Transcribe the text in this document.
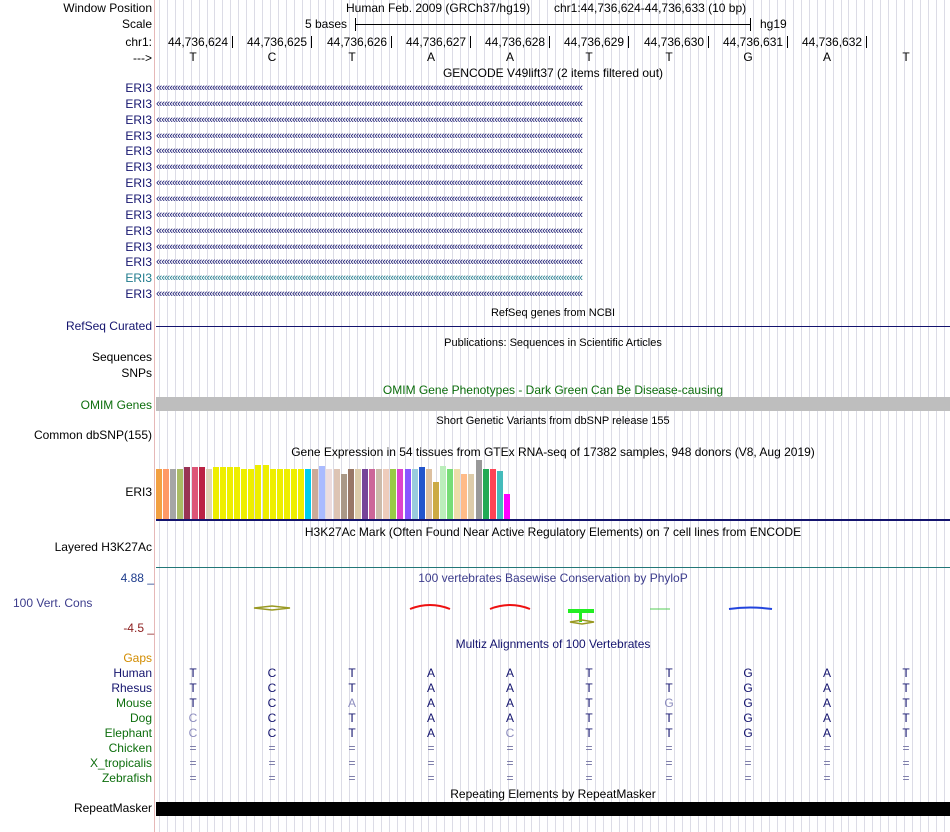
Window Position
Scale
chr1:
--->
Human Feb. 2009 (GRCh37/hg19) chr1:44,736,624-44,736,633 (10 bp)
5 bases	hg19
44,736,624 44,736,625 44,736,626 44,736,627 44,736,628 44,736,629 44,736,630 44,736,631 44,736,632
T	C	T	A	A	T	T	G	A	T
GENCODE V49lift37 (2 items filtered out)
ERI3 ‹‹‹‹‹‹‹‹‹‹‹‹‹‹‹‹‹‹‹‹‹‹‹‹‹‹‹‹‹‹‹‹‹‹‹‹‹‹‹‹‹‹‹‹‹‹‹‹‹‹‹‹‹‹‹‹‹‹‹‹‹‹‹‹‹‹‹‹‹‹‹‹‹‹‹‹‹‹‹‹‹‹‹‹‹‹‹‹‹‹‹‹‹‹‹‹‹‹‹‹‹‹‹‹‹‹‹‹‹‹‹‹‹‹‹‹‹‹‹‹‹‹‹‹‹‹‹‹‹‹‹‹‹‹‹‹‹‹‹‹‹‹‹‹‹‹‹‹‹‹‹‹‹‹‹‹‹‹‹‹
ERI3 ‹‹‹‹‹‹‹‹‹‹‹‹‹‹‹‹‹‹‹‹‹‹‹‹‹‹‹‹‹‹‹‹‹‹‹‹‹‹‹‹‹‹‹‹‹‹‹‹‹‹‹‹‹‹‹‹‹‹‹‹‹‹‹‹‹‹‹‹‹‹‹‹‹‹‹‹‹‹‹‹‹‹‹‹‹‹‹‹‹‹‹‹‹‹‹‹‹‹‹‹‹‹‹‹‹‹‹‹‹‹‹‹‹‹‹‹‹‹‹‹‹‹‹‹‹‹‹‹‹‹‹‹‹‹‹‹‹‹‹‹‹‹‹‹‹‹‹‹‹‹‹‹‹‹‹‹‹‹‹‹
ERI3 ‹‹‹‹‹‹‹‹‹‹‹‹‹‹‹‹‹‹‹‹‹‹‹‹‹‹‹‹‹‹‹‹‹‹‹‹‹‹‹‹‹‹‹‹‹‹‹‹‹‹‹‹‹‹‹‹‹‹‹‹‹‹‹‹‹‹‹‹‹‹‹‹‹‹‹‹‹‹‹‹‹‹‹‹‹‹‹‹‹‹‹‹‹‹‹‹‹‹‹‹‹‹‹‹‹‹‹‹‹‹‹‹‹‹‹‹‹‹‹‹‹‹‹‹‹‹‹‹‹‹‹‹‹‹‹‹‹‹‹‹‹‹‹‹‹‹‹‹‹‹‹‹‹‹‹‹‹‹‹‹
ERI3 ‹‹‹‹‹‹‹‹‹‹‹‹‹‹‹‹‹‹‹‹‹‹‹‹‹‹‹‹‹‹‹‹‹‹‹‹‹‹‹‹‹‹‹‹‹‹‹‹‹‹‹‹‹‹‹‹‹‹‹‹‹‹‹‹‹‹‹‹‹‹‹‹‹‹‹‹‹‹‹‹‹‹‹‹‹‹‹‹‹‹‹‹‹‹‹‹‹‹‹‹‹‹‹‹‹‹‹‹‹‹‹‹‹‹‹‹‹‹‹‹‹‹‹‹‹‹‹‹‹‹‹‹‹‹‹‹‹‹‹‹‹‹‹‹‹‹‹‹‹‹‹‹‹‹‹‹‹‹‹‹
ERI3 ‹‹‹‹‹‹‹‹‹‹‹‹‹‹‹‹‹‹‹‹‹‹‹‹‹‹‹‹‹‹‹‹‹‹‹‹‹‹‹‹‹‹‹‹‹‹‹‹‹‹‹‹‹‹‹‹‹‹‹‹‹‹‹‹‹‹‹‹‹‹‹‹‹‹‹‹‹‹‹‹‹‹‹‹‹‹‹‹‹‹‹‹‹‹‹‹‹‹‹‹‹‹‹‹‹‹‹‹‹‹‹‹‹‹‹‹‹‹‹‹‹‹‹‹‹‹‹‹‹‹‹‹‹‹‹‹‹‹‹‹‹‹‹‹‹‹‹‹‹‹‹‹‹‹‹‹‹‹‹‹
ERI3 ‹‹‹‹‹‹‹‹‹‹‹‹‹‹‹‹‹‹‹‹‹‹‹‹‹‹‹‹‹‹‹‹‹‹‹‹‹‹‹‹‹‹‹‹‹‹‹‹‹‹‹‹‹‹‹‹‹‹‹‹‹‹‹‹‹‹‹‹‹‹‹‹‹‹‹‹‹‹‹‹‹‹‹‹‹‹‹‹‹‹‹‹‹‹‹‹‹‹‹‹‹‹‹‹‹‹‹‹‹‹‹‹‹‹‹‹‹‹‹‹‹‹‹‹‹‹‹‹‹‹‹‹‹‹‹‹‹‹‹‹‹‹‹‹‹‹‹‹‹‹‹‹‹‹‹‹‹‹‹‹
ERI3 ‹‹‹‹‹‹‹‹‹‹‹‹‹‹‹‹‹‹‹‹‹‹‹‹‹‹‹‹‹‹‹‹‹‹‹‹‹‹‹‹‹‹‹‹‹‹‹‹‹‹‹‹‹‹‹‹‹‹‹‹‹‹‹‹‹‹‹‹‹‹‹‹‹‹‹‹‹‹‹‹‹‹‹‹‹‹‹‹‹‹‹‹‹‹‹‹‹‹‹‹‹‹‹‹‹‹‹‹‹‹‹‹‹‹‹‹‹‹‹‹‹‹‹‹‹‹‹‹‹‹‹‹‹‹‹‹‹‹‹‹‹‹‹‹‹‹‹‹‹‹‹‹‹‹‹‹‹‹‹‹
ERI3 ‹‹‹‹‹‹‹‹‹‹‹‹‹‹‹‹‹‹‹‹‹‹‹‹‹‹‹‹‹‹‹‹‹‹‹‹‹‹‹‹‹‹‹‹‹‹‹‹‹‹‹‹‹‹‹‹‹‹‹‹‹‹‹‹‹‹‹‹‹‹‹‹‹‹‹‹‹‹‹‹‹‹‹‹‹‹‹‹‹‹‹‹‹‹‹‹‹‹‹‹‹‹‹‹‹‹‹‹‹‹‹‹‹‹‹‹‹‹‹‹‹‹‹‹‹‹‹‹‹‹‹‹‹‹‹‹‹‹‹‹‹‹‹‹‹‹‹‹‹‹‹‹‹‹‹‹‹‹‹‹
ERI3 ‹‹‹‹‹‹‹‹‹‹‹‹‹‹‹‹‹‹‹‹‹‹‹‹‹‹‹‹‹‹‹‹‹‹‹‹‹‹‹‹‹‹‹‹‹‹‹‹‹‹‹‹‹‹‹‹‹‹‹‹‹‹‹‹‹‹‹‹‹‹‹‹‹‹‹‹‹‹‹‹‹‹‹‹‹‹‹‹‹‹‹‹‹‹‹‹‹‹‹‹‹‹‹‹‹‹‹‹‹‹‹‹‹‹‹‹‹‹‹‹‹‹‹‹‹‹‹‹‹‹‹‹‹‹‹‹‹‹‹‹‹‹‹‹‹‹‹‹‹‹‹‹‹‹‹‹‹‹‹‹
ERI3 ‹‹‹‹‹‹‹‹‹‹‹‹‹‹‹‹‹‹‹‹‹‹‹‹‹‹‹‹‹‹‹‹‹‹‹‹‹‹‹‹‹‹‹‹‹‹‹‹‹‹‹‹‹‹‹‹‹‹‹‹‹‹‹‹‹‹‹‹‹‹‹‹‹‹‹‹‹‹‹‹‹‹‹‹‹‹‹‹‹‹‹‹‹‹‹‹‹‹‹‹‹‹‹‹‹‹‹‹‹‹‹‹‹‹‹‹‹‹‹‹‹‹‹‹‹‹‹‹‹‹‹‹‹‹‹‹‹‹‹‹‹‹‹‹‹‹‹‹‹‹‹‹‹‹‹‹‹‹‹‹
ERI3 ‹‹‹‹‹‹‹‹‹‹‹‹‹‹‹‹‹‹‹‹‹‹‹‹‹‹‹‹‹‹‹‹‹‹‹‹‹‹‹‹‹‹‹‹‹‹‹‹‹‹‹‹‹‹‹‹‹‹‹‹‹‹‹‹‹‹‹‹‹‹‹‹‹‹‹‹‹‹‹‹‹‹‹‹‹‹‹‹‹‹‹‹‹‹‹‹‹‹‹‹‹‹‹‹‹‹‹‹‹‹‹‹‹‹‹‹‹‹‹‹‹‹‹‹‹‹‹‹‹‹‹‹‹‹‹‹‹‹‹‹‹‹‹‹‹‹‹‹‹‹‹‹‹‹‹‹‹‹‹‹
ERI3 ‹‹‹‹‹‹‹‹‹‹‹‹‹‹‹‹‹‹‹‹‹‹‹‹‹‹‹‹‹‹‹‹‹‹‹‹‹‹‹‹‹‹‹‹‹‹‹‹‹‹‹‹‹‹‹‹‹‹‹‹‹‹‹‹‹‹‹‹‹‹‹‹‹‹‹‹‹‹‹‹‹‹‹‹‹‹‹‹‹‹‹‹‹‹‹‹‹‹‹‹‹‹‹‹‹‹‹‹‹‹‹‹‹‹‹‹‹‹‹‹‹‹‹‹‹‹‹‹‹‹‹‹‹‹‹‹‹‹‹‹‹‹‹‹‹‹‹‹‹‹‹‹‹‹‹‹‹‹‹‹
ERI3 ‹‹‹‹‹‹‹‹‹‹‹‹‹‹‹‹‹‹‹‹‹‹‹‹‹‹‹‹‹‹‹‹‹‹‹‹‹‹‹‹‹‹‹‹‹‹‹‹‹‹‹‹‹‹‹‹‹‹‹‹‹‹‹‹‹‹‹‹‹‹‹‹‹‹‹‹‹‹‹‹‹‹‹‹‹‹‹‹‹‹‹‹‹‹‹‹‹‹‹‹‹‹‹‹‹‹‹‹‹‹‹‹‹‹‹‹‹‹‹‹‹‹‹‹‹‹‹‹‹‹‹‹‹‹‹‹‹‹‹‹‹‹‹‹‹‹‹‹‹‹‹‹‹‹‹‹‹‹‹‹
ERI3 ‹‹‹‹‹‹‹‹‹‹‹‹‹‹‹‹‹‹‹‹‹‹‹‹‹‹‹‹‹‹‹‹‹‹‹‹‹‹‹‹‹‹‹‹‹‹‹‹‹‹‹‹‹‹‹‹‹‹‹‹‹‹‹‹‹‹‹‹‹‹‹‹‹‹‹‹‹‹‹‹‹‹‹‹‹‹‹‹‹‹‹‹‹‹‹‹‹‹‹‹‹‹‹‹‹‹‹‹‹‹‹‹‹‹‹‹‹‹‹‹‹‹‹‹‹‹‹‹‹‹‹‹‹‹‹‹‹‹‹‹‹‹‹‹‹‹‹‹‹‹‹‹‹‹‹‹‹‹‹‹
RefSeq genes from NCBI
RefSeq Curated
Publications: Sequences in Scientific Articles
Sequences
SNPs
OMIM Gene Phenotypes - Dark Green Can Be Disease-causing
OMIM Genes
Short Genetic Variants from dbSNP release 155
Common dbSNP(155)
Gene Expression in 54 tissues from GTEx RNA-seq of 17382 samples, 948 donors (V8, Aug 2019)
ERI3
H3K27Ac Mark (Often Found Near Active Regulatory Elements) on 7 cell lines from ENCODE
Layered H3K27Ac
100 vertebrates Basewise Conservation by PhyloP
4.88 _
100 Vert. Cons
-4.5 _
Multiz Alignments of 100 Vertebrates
Gaps
Human	T	C	T	A	A	T	T	G	A	T
Rhesus	T	C	T	A	A	T	T	G	A	T
Mouse	T	C	A	A	A	T	G	G	A	T
Dog	C	C	T	A	A	T	T	G	A	T
Elephant	C	C	T	A	C	T	T	G	A	T
Chicken	=	=	=	=	=	=	=	=	=	=
X_tropicalis	=	=	=	=	=	=	=	=	=	=
Zebrafish	=	=	=	=	=	=	=	=	=	=
Repeating Elements by RepeatMasker
RepeatMasker
